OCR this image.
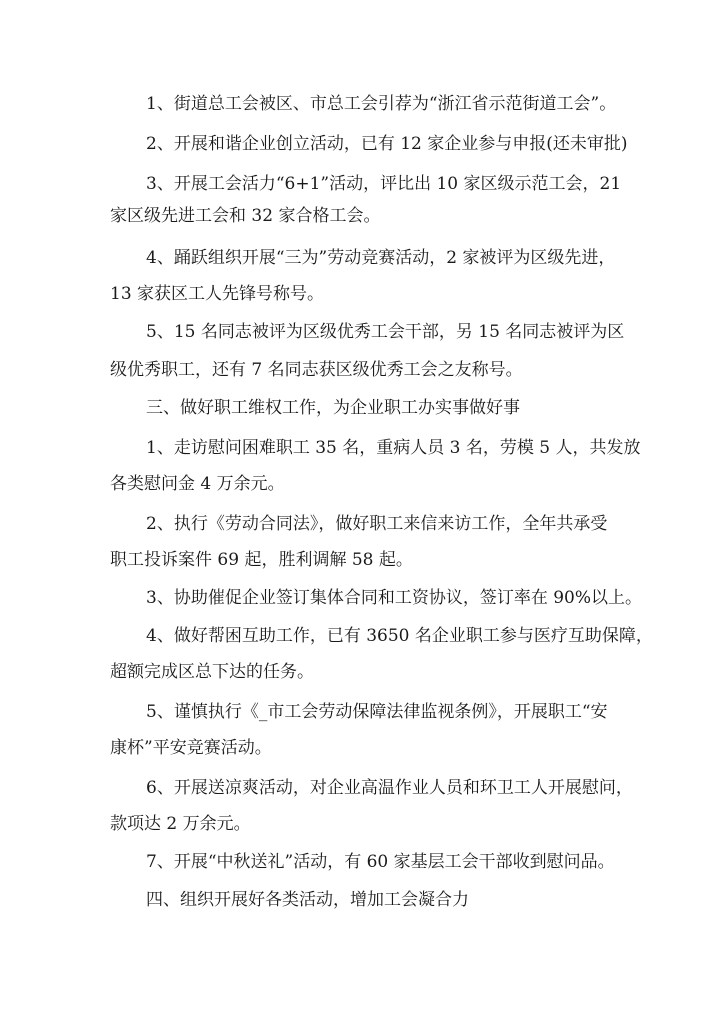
1、街道总工会被区、市总工会引荐为“浙江省示范街道工会”。
2、开展和谐企业创立活动，已有 12 家企业参与申报(还未审批)
3、开展工会活力“6+1”活动，评比出 10 家区级示范工会，21
家区级先进工会和 32 家合格工会。
4、踊跃组织开展“三为”劳动竞赛活动，2 家被评为区级先进，
13 家获区工人先锋号称号。
5、15 名同志被评为区级优秀工会干部，另 15 名同志被评为区
级优秀职工，还有 7 名同志获区级优秀工会之友称号。
三、做好职工维权工作，为企业职工办实事做好事
1、走访慰问困难职工 35 名，重病人员 3 名，劳模 5 人，共发放
各类慰问金 4 万余元。
2、执行《劳动合同法》，做好职工来信来访工作，全年共承受
职工投诉案件 69 起，胜利调解 58 起。
3、协助催促企业签订集体合同和工资协议，签订率在 90%以上。
4、做好帮困互助工作，已有 3650 名企业职工参与医疗互助保障，
超额完成区总下达的任务。
5、谨慎执行《_市工会劳动保障法律监视条例》，开展职工“安
康杯”平安竞赛活动。
6、开展送凉爽活动，对企业高温作业人员和环卫工人开展慰问，
款项达 2 万余元。
7、开展“中秋送礼”活动，有 60 家基层工会干部收到慰问品。
四、组织开展好各类活动，增加工会凝合力
